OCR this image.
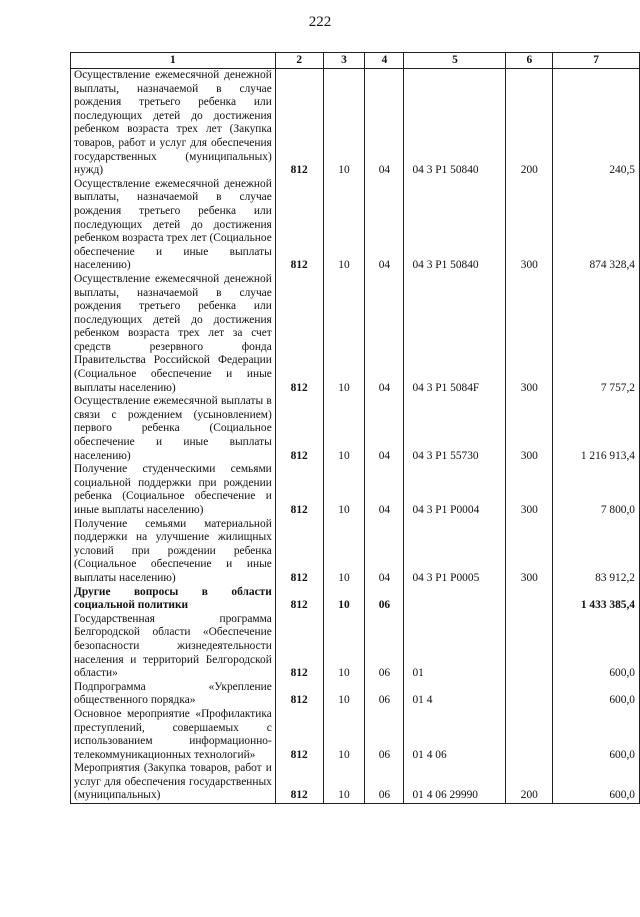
222
1	2	3	4	5	6	7

Осуществление ежемесячной денежной выплаты, назначаемой в случае рождения третьего ребенка или последующих детей до достижения ребенком возраста трех лет (Закупка товаров, работ и услуг для обеспечения государственных (муниципальных) нужд)	812	10	04	04 3 P1 50840	200	240,5

Осуществление ежемесячной денежной выплаты, назначаемой в случае рождения третьего ребенка или последующих детей до достижения ребенком возраста трех лет (Социальное обеспечение и иные выплаты населению)	812	10	04	04 3 P1 50840	300	874 328,4

Осуществление ежемесячной денежной выплаты, назначаемой в случае рождения третьего ребенка или последующих детей до достижения ребенком возраста трех лет за счет средств резервного фонда Правительства Российской Федерации (Социальное обеспечение и иные выплаты населению)	812	10	04	04 3 P1 5084F	300	7 757,2

Осуществление ежемесячной выплаты в связи с рождением (усыновлением) первого ребенка (Социальное обеспечение и иные выплаты населению)	812	10	04	04 3 P1 55730	300	1 216 913,4

Получение студенческими семьями социальной поддержки при рождении ребенка (Социальное обеспечение и иные выплаты населению)	812	10	04	04 3 P1 P0004	300	7 800,0

Получение семьями материальной поддержки на улучшение жилищных условий при рождении ребенка (Социальное обеспечение и иные выплаты населению)	812	10	04	04 3 P1 P0005	300	83 912,2

Другие вопросы в области социальной политики	812	10	06			1 433 385,4

Государственная программа Белгородской области «Обеспечение безопасности жизнедеятельности населения и территорий Белгородской области»	812	10	06	01		600,0

Подпрограмма «Укрепление общественного порядка»	812	10	06	01 4		600,0

Основное мероприятие «Профилактика преступлений, совершаемых с использованием информационно-телекоммуникационных технологий»	812	10	06	01 4 06		600,0

Мероприятия (Закупка товаров, работ и услуг для обеспечения государственных (муниципальных)	812	10	06	01 4 06 29990	200	600,0
